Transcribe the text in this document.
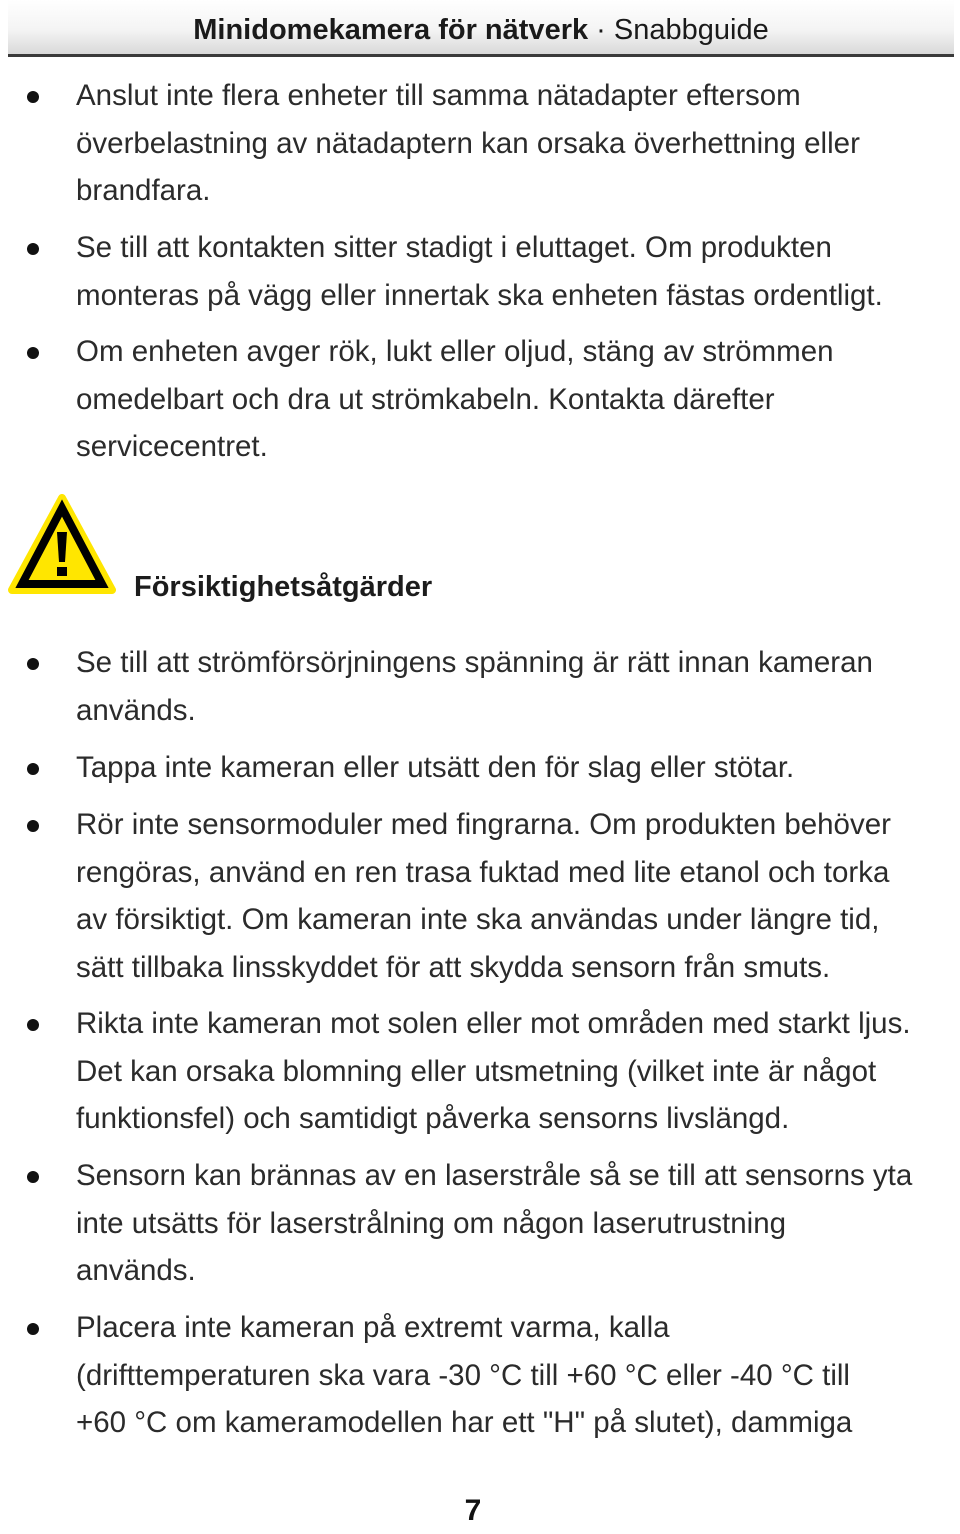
Minidomekamera för nätverk · Snabbguide
Anslut inte flera enheter till samma nätadapter eftersom
överbelastning av nätadaptern kan orsaka överhettning eller
brandfara.
Se till att kontakten sitter stadigt i eluttaget. Om produkten
monteras på vägg eller innertak ska enheten fästas ordentligt.
Om enheten avger rök, lukt eller oljud, stäng av strömmen
omedelbart och dra ut strömkabeln. Kontakta därefter
servicecentret.
Försiktighetsåtgärder
Se till att strömförsörjningens spänning är rätt innan kameran
används.
Tappa inte kameran eller utsätt den för slag eller stötar.
Rör inte sensormoduler med fingrarna. Om produkten behöver
rengöras, använd en ren trasa fuktad med lite etanol och torka
av försiktigt. Om kameran inte ska användas under längre tid,
sätt tillbaka linsskyddet för att skydda sensorn från smuts.
Rikta inte kameran mot solen eller mot områden med starkt ljus.
Det kan orsaka blomning eller utsmetning (vilket inte är något
funktionsfel) och samtidigt påverka sensorns livslängd.
Sensorn kan brännas av en laserstråle så se till att sensorns yta
inte utsätts för laserstrålning om någon laserutrustning
används.
Placera inte kameran på extremt varma, kalla
(drifttemperaturen ska vara -30 °C till +60 °C eller -40 °C till
+60 °C om kameramodellen har ett "H" på slutet), dammiga
7
